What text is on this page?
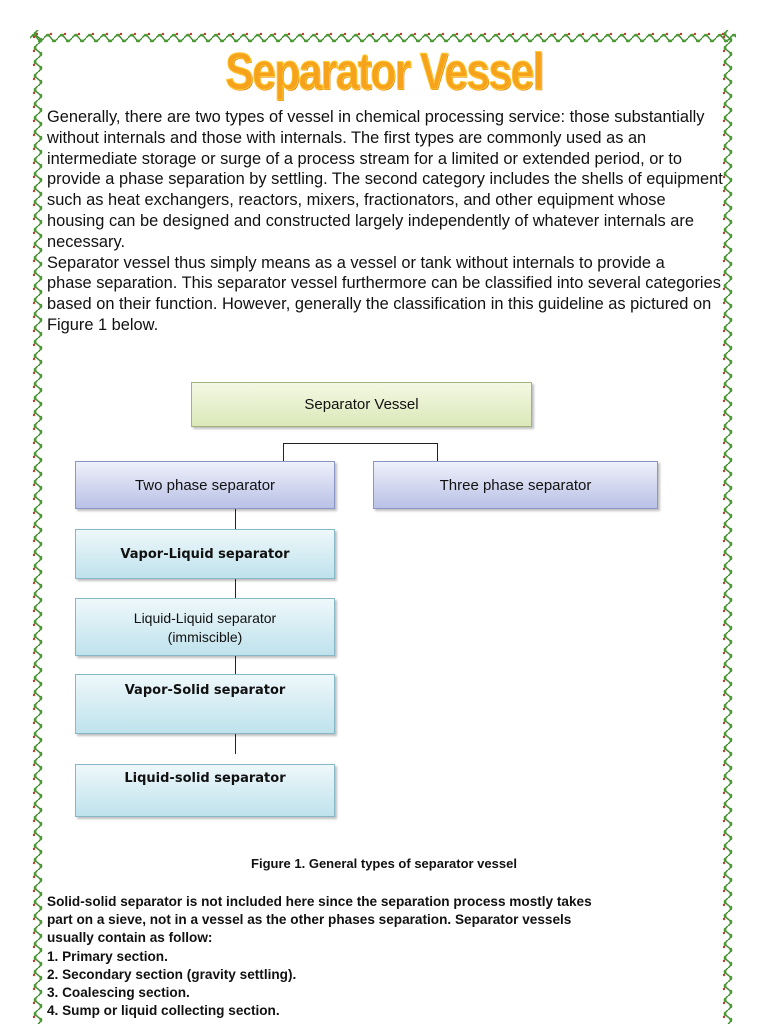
Separator Vessel

Generally, there are two types of vessel in chemical processing service: those substantially without internals and those with internals. The first types are commonly used as an intermediate storage or surge of a process stream for a limited or extended period, or to provide a phase separation by settling. The second category includes the shells of equipment such as heat exchangers, reactors, mixers, fractionators, and other equipment whose housing can be designed and constructed largely independently of whatever internals are necessary.

Separator vessel thus simply means as a vessel or tank without internals to provide a

phase separation. This separator vessel furthermore can be classified into several categories based on their function. However, generally the classification in this guideline as pictured on Figure 1 below.

Separator Vessel
Two phase separator	Three phase separator
Vapor-Liquid separator
Liquid-Liquid separator
(immiscible)
Vapor-Solid separator
Liquid-solid separator
Figure 1. General types of separator vessel
Solid-solid separator is not included here since the separation process mostly takes
part on a sieve, not in a vessel as the other phases separation. Separator vessels
usually contain as follow:
1. Primary section.
2. Secondary section (gravity settling).
3. Coalescing section.
4. Sump or liquid collecting section.
